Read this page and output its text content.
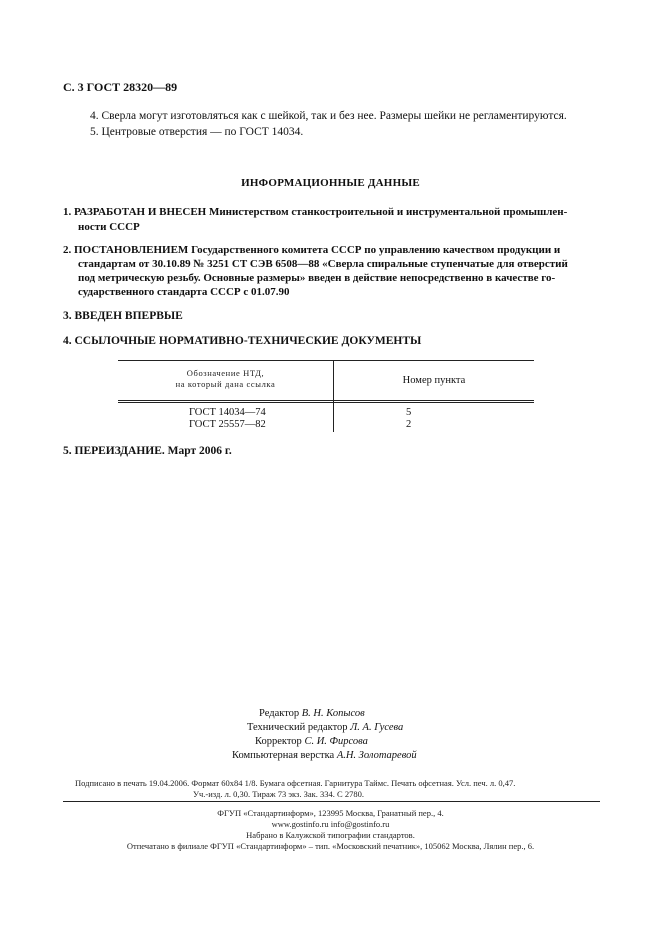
С. 3 ГОСТ 28320—89
4. Сверла могут изготовляться как с шейкой, так и без нее. Размеры шейки не регламентируются.
5. Центровые отверстия — по ГОСТ 14034.
ИНФОРМАЦИОННЫЕ ДАННЫЕ
1. РАЗРАБОТАН И ВНЕСЕН Министерством станкостроительной и инструментальной промышлен-
ности СССР
2. ПОСТАНОВЛЕНИЕМ Государственного комитета СССР по управлению качеством продукции и
стандартам от 30.10.89 № 3251 СТ СЭВ 6508—88 «Сверла спиральные ступенчатые для отверстий
под метрическую резьбу. Основные размеры» введен в действие непосредственно в качестве го-
сударственного стандарта СССР с 01.07.90
3. ВВЕДЕН ВПЕРВЫЕ
4. ССЫЛОЧНЫЕ НОРМАТИВНО-ТЕХНИЧЕСКИЕ ДОКУМЕНТЫ
Обозначение НТД,
на который дана ссылка	Номер пункта
ГОСТ 14034—74	5
ГОСТ 25557—82	2
5. ПЕРЕИЗДАНИЕ. Март 2006 г.
Редактор В. Н. Копысов
Технический редактор Л. А. Гусева
Корректор С. И. Фирсова
Компьютерная верстка А.Н. Золотаревой
Подписано в печать 19.04.2006. Формат 60x84 1/8. Бумага офсетная. Гарнитура Таймс. Печать офсетная. Усл. печ. л. 0,47.
Уч.-изд. л. 0,30. Тираж 73 экз. Зак. 334. С 2780.
ФГУП «Стандартинформ», 123995 Москва, Гранатный пер., 4.
www.gostinfo.ru info@gostinfo.ru
Набрано в Калужской типографии стандартов.
Отпечатано в филиале ФГУП «Стандартинформ» – тип. «Московский печатник», 105062 Москва, Лялин пер., 6.
